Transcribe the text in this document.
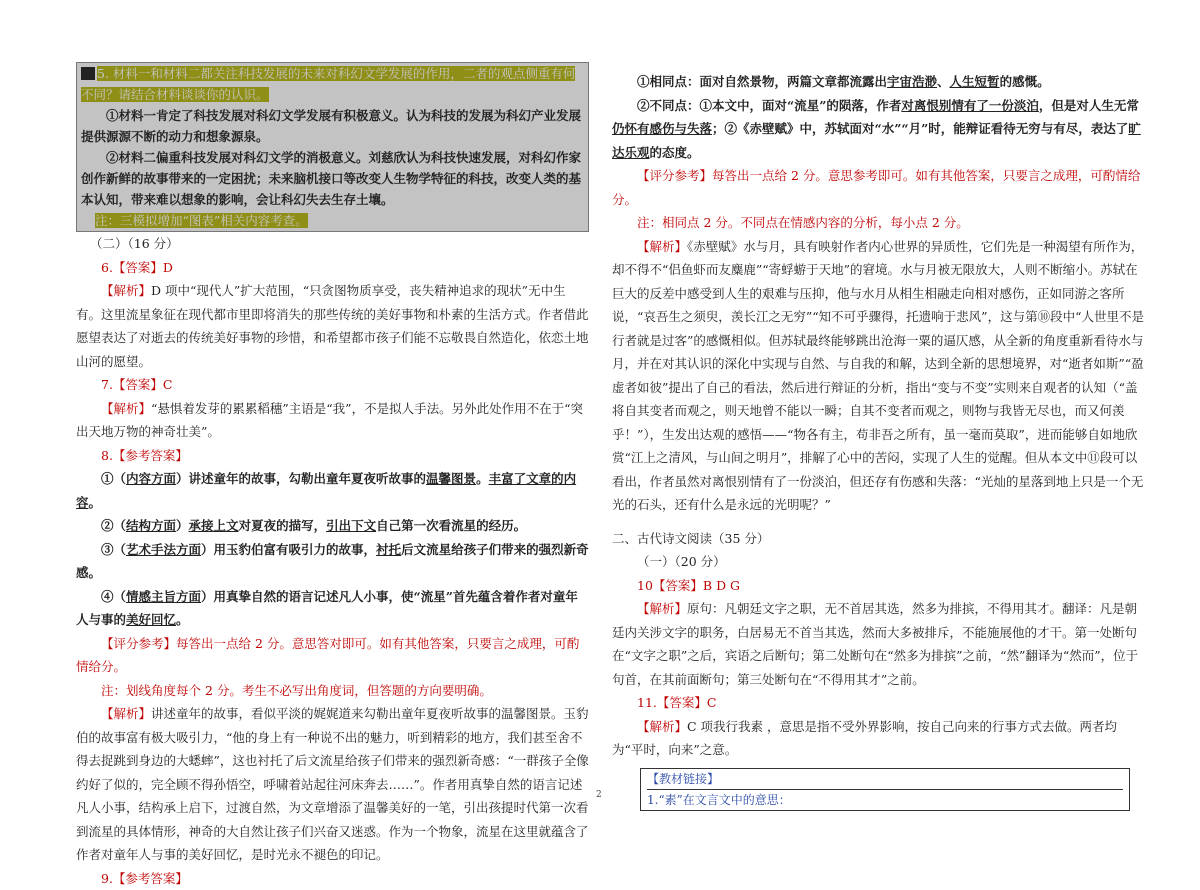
5. 材料一和材料二都关注科技发展的未来对科幻文学发展的作用，二者的观点侧重有何不同？请结合材料谈谈你的认识。

①材料一肯定了科技发展对科幻文学发展有积极意义。认为科技的发展为科幻产业发展提供源源不断的动力和想象源泉。

②材料二偏重科技发展对科幻文学的消极意义。刘慈欣认为科技快速发展，对科幻作家创作新鲜的故事带来的一定困扰；未来脑机接口等改变人生物学特征的科技，改变人类的基本认知，带来难以想象的影响，会让科幻失去生存土壤。

注：三模拟增加“图表”相关内容考查。

（二）（16 分）

6.【答案】D

【解析】D 项中“现代人”扩大范围，“只贪图物质享受，丧失精神追求的现状”无中生有。这里流星象征在现代都市里即将消失的那些传统的美好事物和朴素的生活方式。作者借此愿望表达了对逝去的传统美好事物的珍惜，和希望都市孩子们能不忘敬畏自然造化，依恋土地山河的愿望。

7.【答案】C

【解析】“悬惧着发芽的累累稻穗”主语是“我”，不是拟人手法。另外此处作用不在于“突出天地万物的神奇壮美”。

8.【参考答案】

①（内容方面）讲述童年的故事，勾勒出童年夏夜听故事的温馨图景。丰富了文章的内容。

②（结构方面）承接上文对夏夜的描写，引出下文自己第一次看流星的经历。

③（艺术手法方面）用玉豹伯富有吸引力的故事，衬托后文流星给孩子们带来的强烈新奇感。

④（情感主旨方面）用真挚自然的语言记述凡人小事，使“流星”首先蕴含着作者对童年人与事的美好回忆。

【评分参考】每答出一点给 2 分。意思答对即可。如有其他答案，只要言之成理，可酌情给分。

注：划线角度每个 2 分。考生不必写出角度词，但答题的方向要明确。

【解析】讲述童年的故事，看似平淡的娓娓道来勾勒出童年夏夜听故事的温馨图景。玉豹伯的故事富有极大吸引力，“他的身上有一种说不出的魅力，听到精彩的地方，我们甚至舍不得去捉跳到身边的大蟋蟀”，这也衬托了后文流星给孩子们带来的强烈新奇感：“一群孩子全像约好了似的，完全顾不得孙悟空，呼啸着站起往河床奔去……”。作者用真挚自然的语言记述凡人小事，结构承上启下，过渡自然，为文章增添了温馨美好的一笔，引出孩提时代第一次看到流星的具体情形，神奇的大自然让孩子们兴奋又迷惑。作为一个物象，流星在这里就蕴含了作者对童年人与事的美好回忆，是时光永不褪色的印记。

9.【参考答案】

①相同点：面对自然景物，两篇文章都流露出宇宙浩渺、人生短暂的感慨。

②不同点：①本文中，面对“流星”的陨落，作者对离恨别情有了一份淡泊，但是对人生无常仍怀有感伤与失落；②《赤壁赋》中，苏轼面对“水”“月”时，能辩证看待无穷与有尽，表达了旷达乐观的态度。

【评分参考】每答出一点给 2 分。意思参考即可。如有其他答案，只要言之成理，可酌情给分。

注：相同点 2 分。不同点在情感内容的分析，每小点 2 分。

【解析】《赤壁赋》水与月，具有映射作者内心世界的异质性，它们先是一种渴望有所作为，却不得不“侣鱼虾而友麋鹿”“寄蜉蝣于天地”的窘境。水与月被无限放大，人则不断缩小。苏轼在巨大的反差中感受到人生的艰难与压抑，他与水月从相生相融走向相对感伤，正如同游之客所说，“哀吾生之须臾，羡长江之无穷”“知不可乎骤得，托遗响于悲风”，这与第⑩段中“人世里不是行者就是过客”的感慨相似。但苏轼最终能够跳出沧海一粟的逼仄感，从全新的角度重新看待水与月，并在对其认识的深化中实现与自然、与自我的和解，达到全新的思想境界，对“逝者如斯”“盈虚者如彼”提出了自己的看法，然后进行辩证的分析，指出“变与不变”实则来自观者的认知（“盖将自其变者而观之，则天地曾不能以一瞬；自其不变者而观之，则物与我皆无尽也，而又何羡乎！”），生发出达观的感悟——“物各有主，苟非吾之所有，虽一毫而莫取”，进而能够自如地欣赏“江上之清风，与山间之明月”，排解了心中的苦闷，实现了人生的觉醒。但从本文中⑪段可以看出，作者虽然对离恨别情有了一份淡泊，但还存有伤感和失落：“光灿的星落到地上只是一个无光的石头，还有什么是永远的光明呢？”

二、古代诗文阅读（35 分）

（一）（20 分）

10【答案】B D G

【解析】原句：凡朝廷文字之职，无不首居其选，然多为排摈，不得用其才。翻译：凡是朝廷内关涉文字的职务，白居易无不首当其选，然而大多被排斥，不能施展他的才干。第一处断句在“文字之职”之后，宾语之后断句；第二处断句在“然多为排摈”之前，“然”翻译为“然而”，位于句首，在其前面断句；第三处断句在“不得用其才”之前。

11.【答案】C

【解析】C 项我行我素 ，意思是指不受外界影响，按自己向来的行事方式去做。两者均为“平时，向来”之意。

【教材链接】
1.“素”在文言文中的意思：
2
